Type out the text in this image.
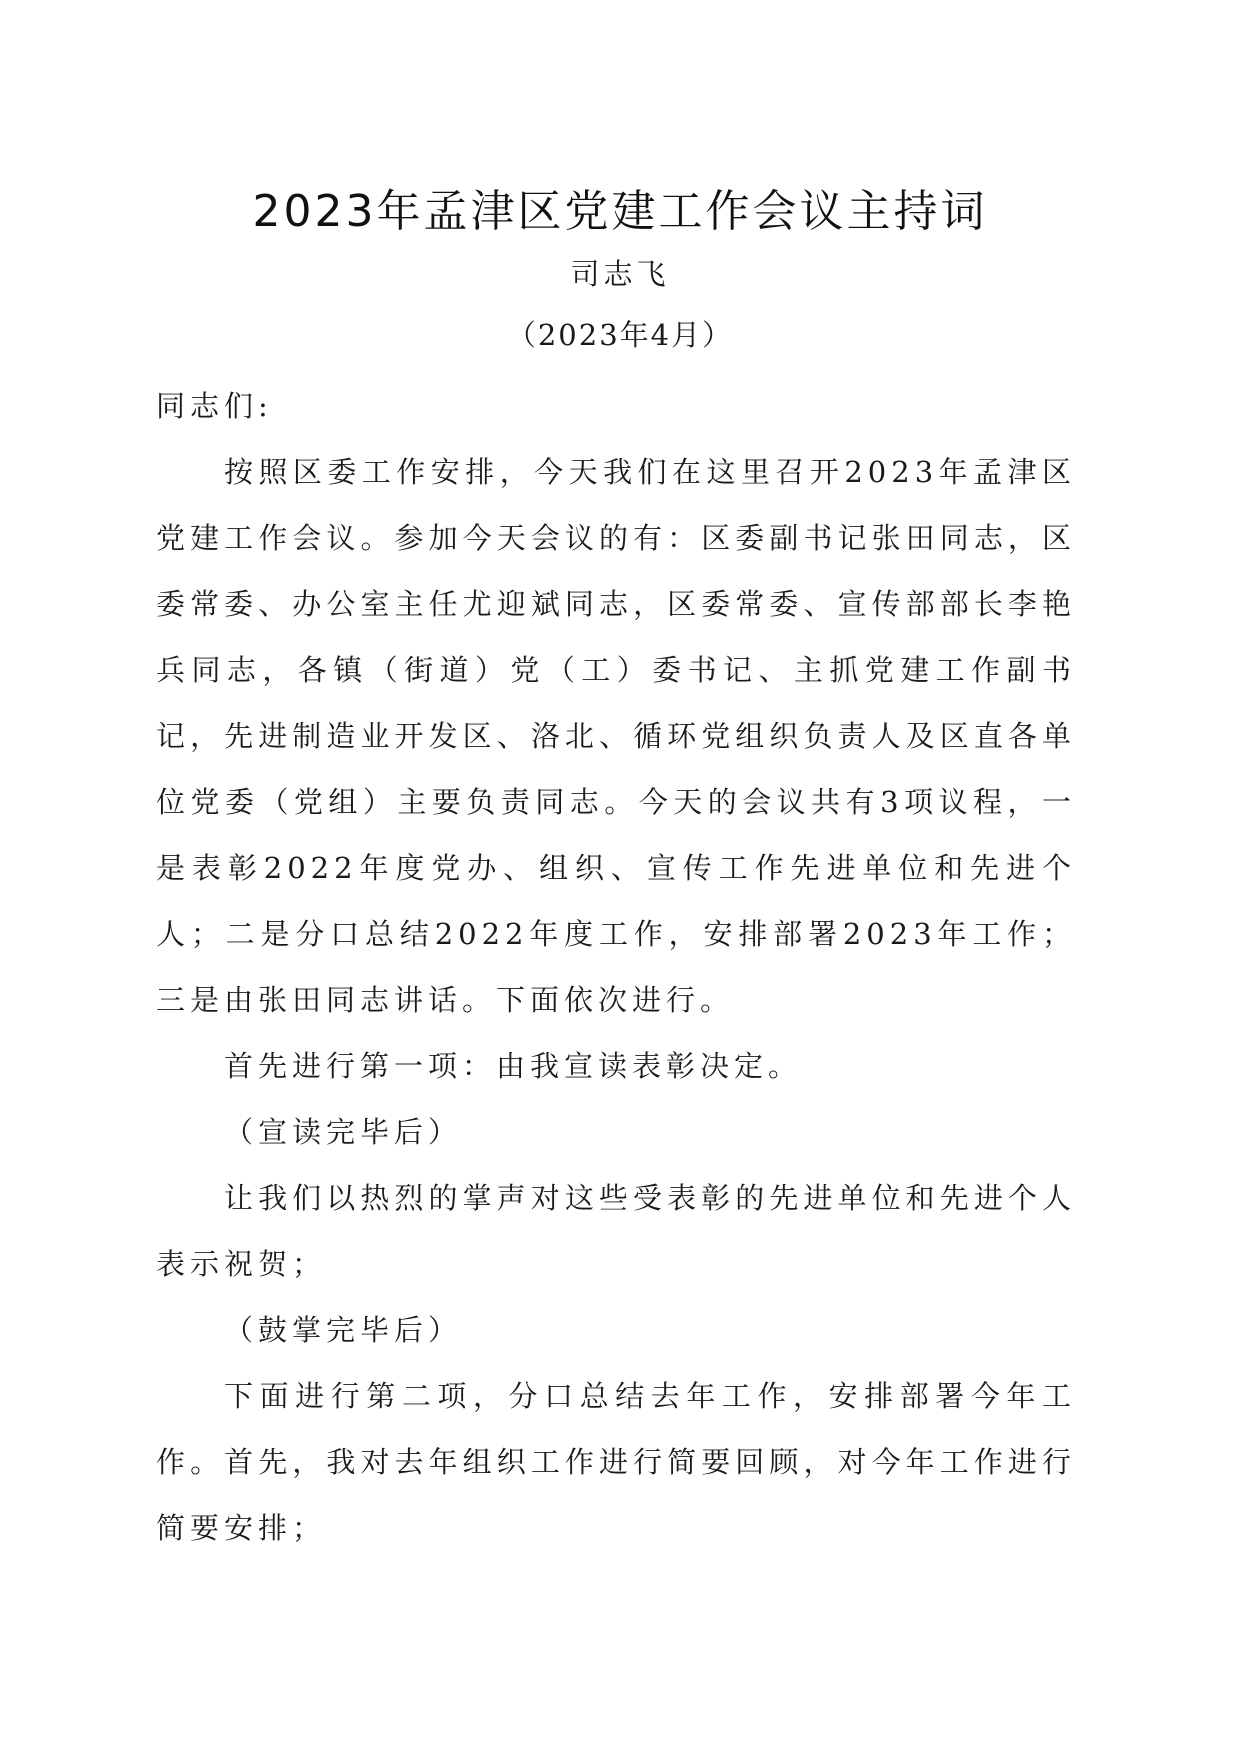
2023年孟津区党建工作会议主持词
司志飞
（2023年4月）

同志们:

按照区委工作安排，今天我们在这里召开2023年孟津区党建工作会议。参加今天会议的有：区委副书记张田同志，区委常委、办公室主任尤迎斌同志，区委常委、宣传部部长李艳兵同志，各镇（街道）党（工）委书记、主抓党建工作副书记，先进制造业开发区、洛北、循环党组织负责人及区直各单位党委（党组）主要负责同志。今天的会议共有3项议程，一是表彰2022年度党办、组织、宣传工作先进单位和先进个人；二是分口总结2022年度工作，安排部署2023年工作；三是由张田同志讲话。下面依次进行。

首先进行第一项：由我宣读表彰决定。

（宣读完毕后）

让我们以热烈的掌声对这些受表彰的先进单位和先进个人表示祝贺；

（鼓掌完毕后）

下面进行第二项，分口总结去年工作，安排部署今年工作。首先，我对去年组织工作进行简要回顾，对今年工作进行简要安排；
